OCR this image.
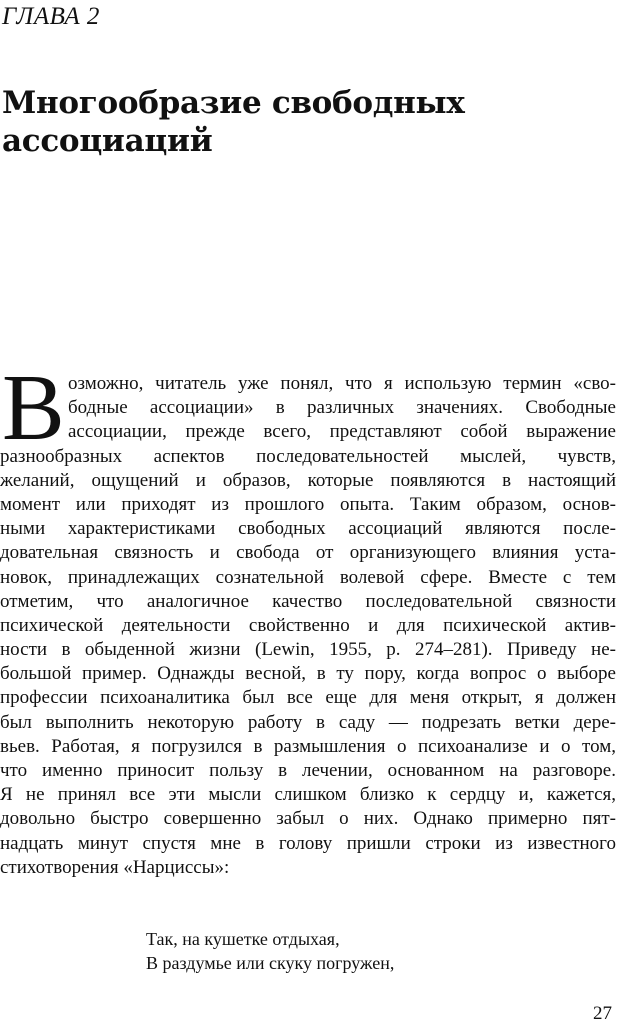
ГЛАВА 2
Многообразие свободных
ассоциаций
В озможно, читатель уже понял, что я использую термин «сво-
бодные ассоциации» в различных значениях. Свободные
ассоциации, прежде всего, представляют собой выражение
разнообразных аспектов последовательностей мыслей, чувств,
желаний, ощущений и образов, которые появляются в настоящий
момент или приходят из прошлого опыта. Таким образом, основ-
ными характеристиками свободных ассоциаций являются после-
довательная связность и свобода от организующего влияния уста-
новок, принадлежащих сознательной волевой сфере. Вместе с тем
отметим, что аналогичное качество последовательной связности
психической деятельности свойственно и для психической актив-
ности в обыденной жизни (Lewin, 1955, p. 274–281). Приведу не-
большой пример. Однажды весной, в ту пору, когда вопрос о выборе
профессии психоаналитика был все еще для меня открыт, я должен
был выполнить некоторую работу в саду — подрезать ветки дере-
вьев. Работая, я погрузился в размышления о психоанализе и о том,
что именно приносит пользу в лечении, основанном на разговоре.
Я не принял все эти мысли слишком близко к сердцу и, кажется,
довольно быстро совершенно забыл о них. Однако примерно пят-
надцать минут спустя мне в голову пришли строки из известного
стихотворения «Нарциссы»:
Так, на кушетке отдыхая,
В раздумье или скуку погружен,
27
